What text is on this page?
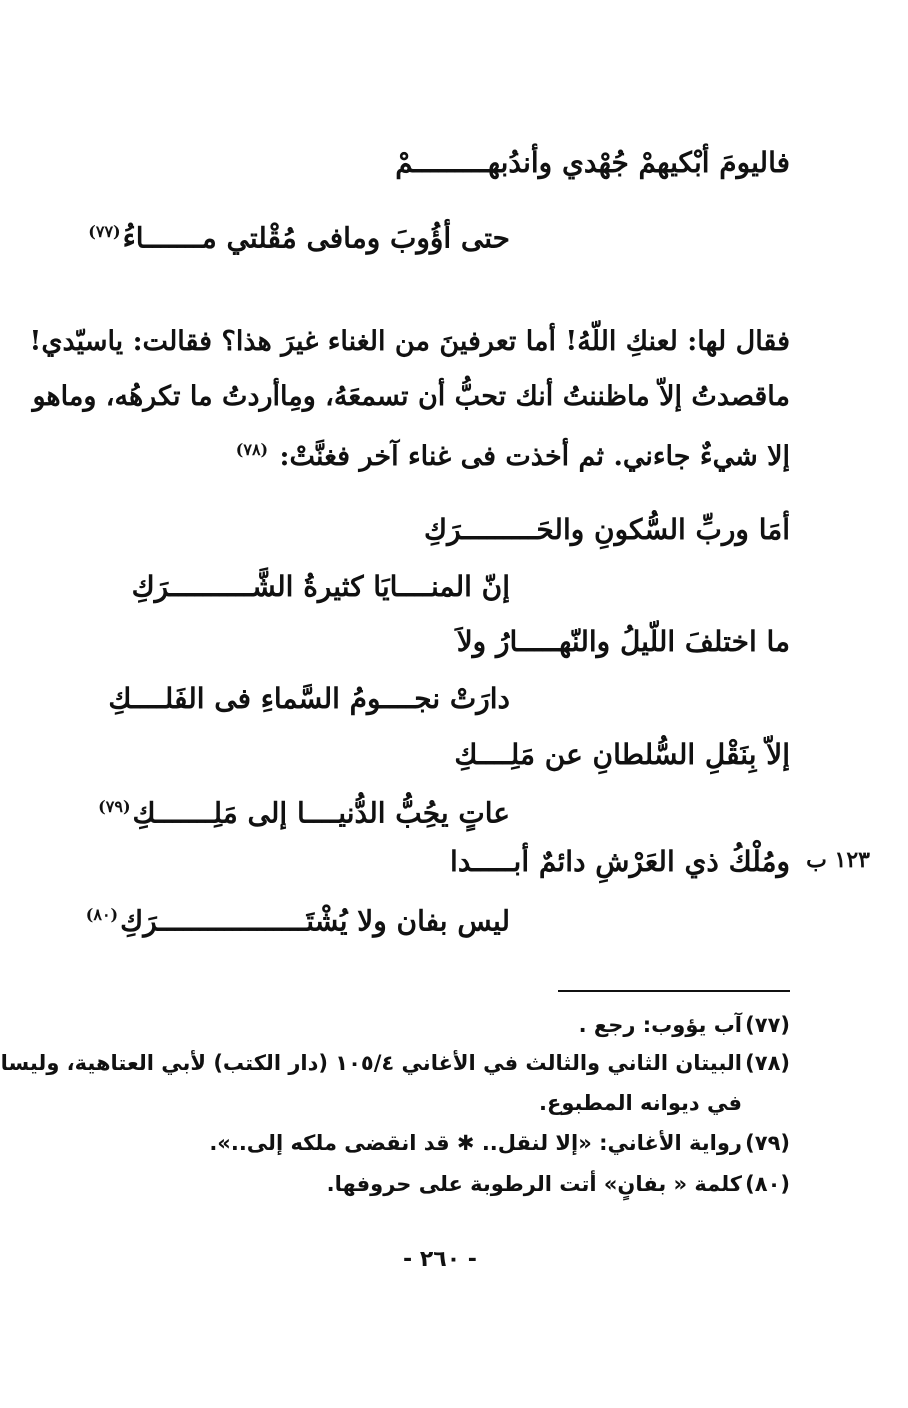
فاليومَ أبْكيهمْ جُهْدي وأندُبهـــــــــمْ
حتى أؤُوبَ ومافى مُقْلتي مـــــــاءُ$^{(٧٧)}$
فقال لها: لعنكِ اللّهُ! أما تعرفينَ من الغناء غيرَ هذا؟ فقالت: ياسيّدي!
ماقصدتُ إلاّ ماظننتُ أنك تحبُّ أن تسمعَهُ، ومِاأردتُ ما تكرهُه، وماهو
إلا شيءٌ جاءني. ثم أخذت فى غناء آخر فغنَّتْ: $^{(٧٨)}$
أمَا وربِّ السُّكونِ والحَـــــــــرَكِ
إنّ المنــــايَا كثيرةُ الشَّــــــــــرَكِ
ما اختلفَ اللّيلُ والنّهـــــارُ ولاَ
دارَتْ نجــــومُ السَّماءِ فى الفَلــــكِ
إلاّ بِنَقْلِ السُّلطانِ عن مَلِــــكِ
عاتٍ يحُِبُّ الدُّنيــــا إلى مَلِـــــــكِ$^{(٧٩)}$
ومُلْكُ ذي العَرْشِ دائمٌ أبـــــدا
ليس بفان ولا يُشْتَــــــــــــــــــرَكِ$^{(٨٠)}$
١٢٣ ب
(٧٧)آب يؤوب: رجع .
(٧٨)البيتان الثاني والثالث في الأغاني ١٠٥/٤ (دار الكتب) لأبي العتاهية، وليسا
في ديوانه المطبوع.
(٧٩)رواية الأغاني: «إلا لنقل.. ✱ قد انقضى ملكه إلى..».
(٨٠)كلمة « بفانٍ» أتت الرطوبة على حروفها.
- ٢٦٠ -
